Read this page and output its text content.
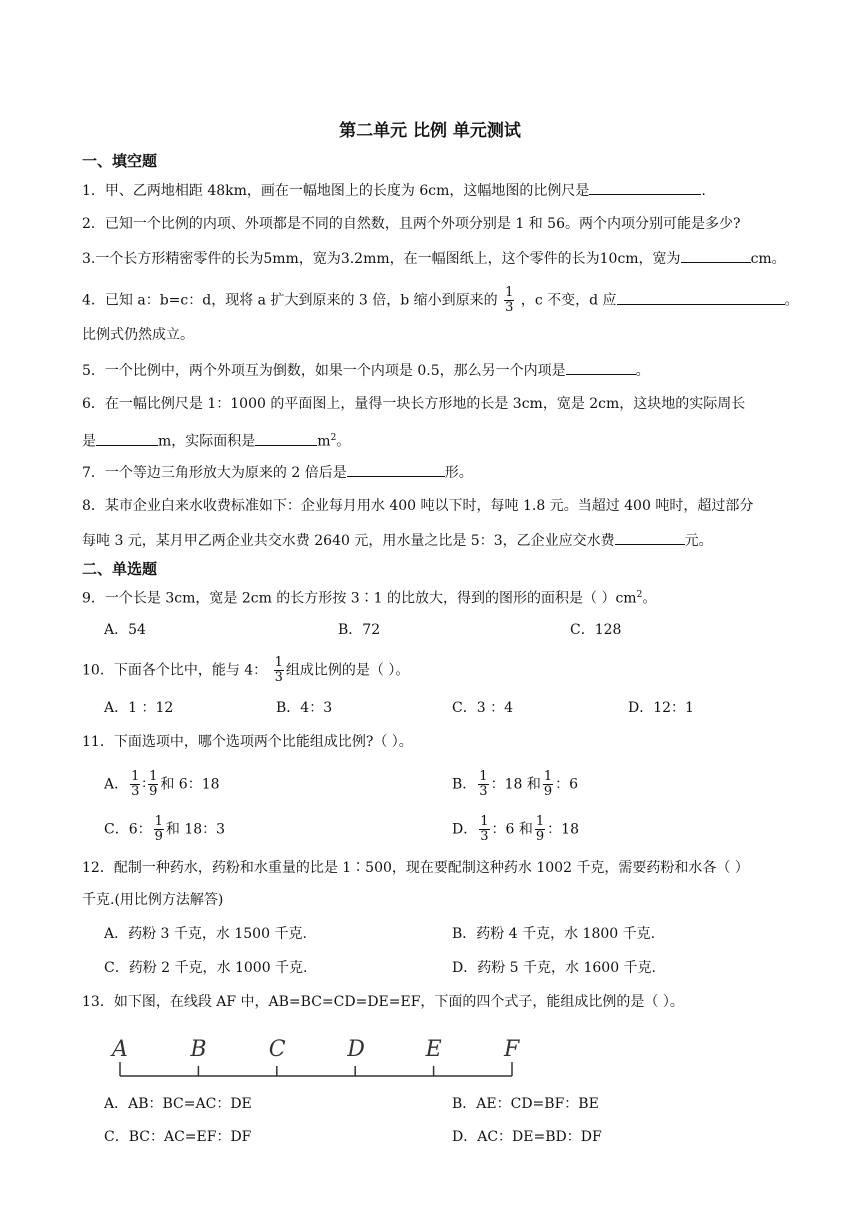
第二单元 比例 单元测试
一、填空题
1．甲、乙两地相距 48km，画在一幅地图上的长度为 6cm，这幅地图的比例尺是	.
2．已知一个比例的内项、外项都是不同的自然数，且两个外项分别是 1 和 56。两个内项分别可能是多少?
3.一个长方形精密零件的长为5mm，宽为3.2mm，在一幅图纸上，这个零件的长为10cm，宽为	cm。
4．已知 a：b=c：d，现将 a 扩大到原来的 3 倍，b 缩小到原来的 $\frac{1}{3}$ ，c 不变，d 应	。
比例式仍然成立。
5．一个比例中，两个外项互为倒数，如果一个内项是 0.5，那么另一个内项是	。
6．在一幅比例尺是 1：1000 的平面图上，量得一块长方形地的长是 3cm，宽是 2cm，这块地的实际周长
是	m，实际面积是	$m^2$。
7．一个等边三角形放大为原来的 2 倍后是	形。
8．某市企业白来水收费标准如下：企业每月用水 400 吨以下时，每吨 1.8 元。当超过 400 吨时，超过部分
每吨 3 元，某月甲乙两企业共交水费 2640 元，用水量之比是 5：3，乙企业应交水费	元。
二、单选题
9．一个长是 3cm，宽是 2cm 的长方形按 3∶1 的比放大，得到的图形的面积是（ ）$cm^2$。
A．54	B．72	C．128
10．下面各个比中，能与 4： $\frac{1}{3}$ 组成比例的是（ ）。
A．1 ：12	B．4：3	C．3 ：4	D．12：1
11．下面选项中，哪个选项两个比能组成比例?（ ）。
A． $\frac{1}{3}$ ∶ $\frac{1}{9}$ 和 6：18	B． $\frac{1}{3}$ ：18 和 $\frac{1}{9}$ ：6
C．6： $\frac{1}{9}$ 和 18：3	D． $\frac{1}{3}$ ：6 和 $\frac{1}{9}$ ：18
12．配制一种药水，药粉和水重量的比是 1∶500，现在要配制这种药水 1002 千克，需要药粉和水各（ ）
千克.(用比例方法解答)
A．药粉 3 千克，水 1500 千克.	B．药粉 4 千克，水 1800 千克.
C．药粉 2 千克，水 1000 千克.	D．药粉 5 千克，水 1600 千克.
13．如下图，在线段 AF 中，AB=BC=CD=DE=EF，下面的四个式子，能组成比例的是（ ）。
A	B	C	D	E	F
A．AB：BC=AC：DE	B．AE：CD=BF：BE
C．BC：AC=EF：DF	D．AC：DE=BD：DF
